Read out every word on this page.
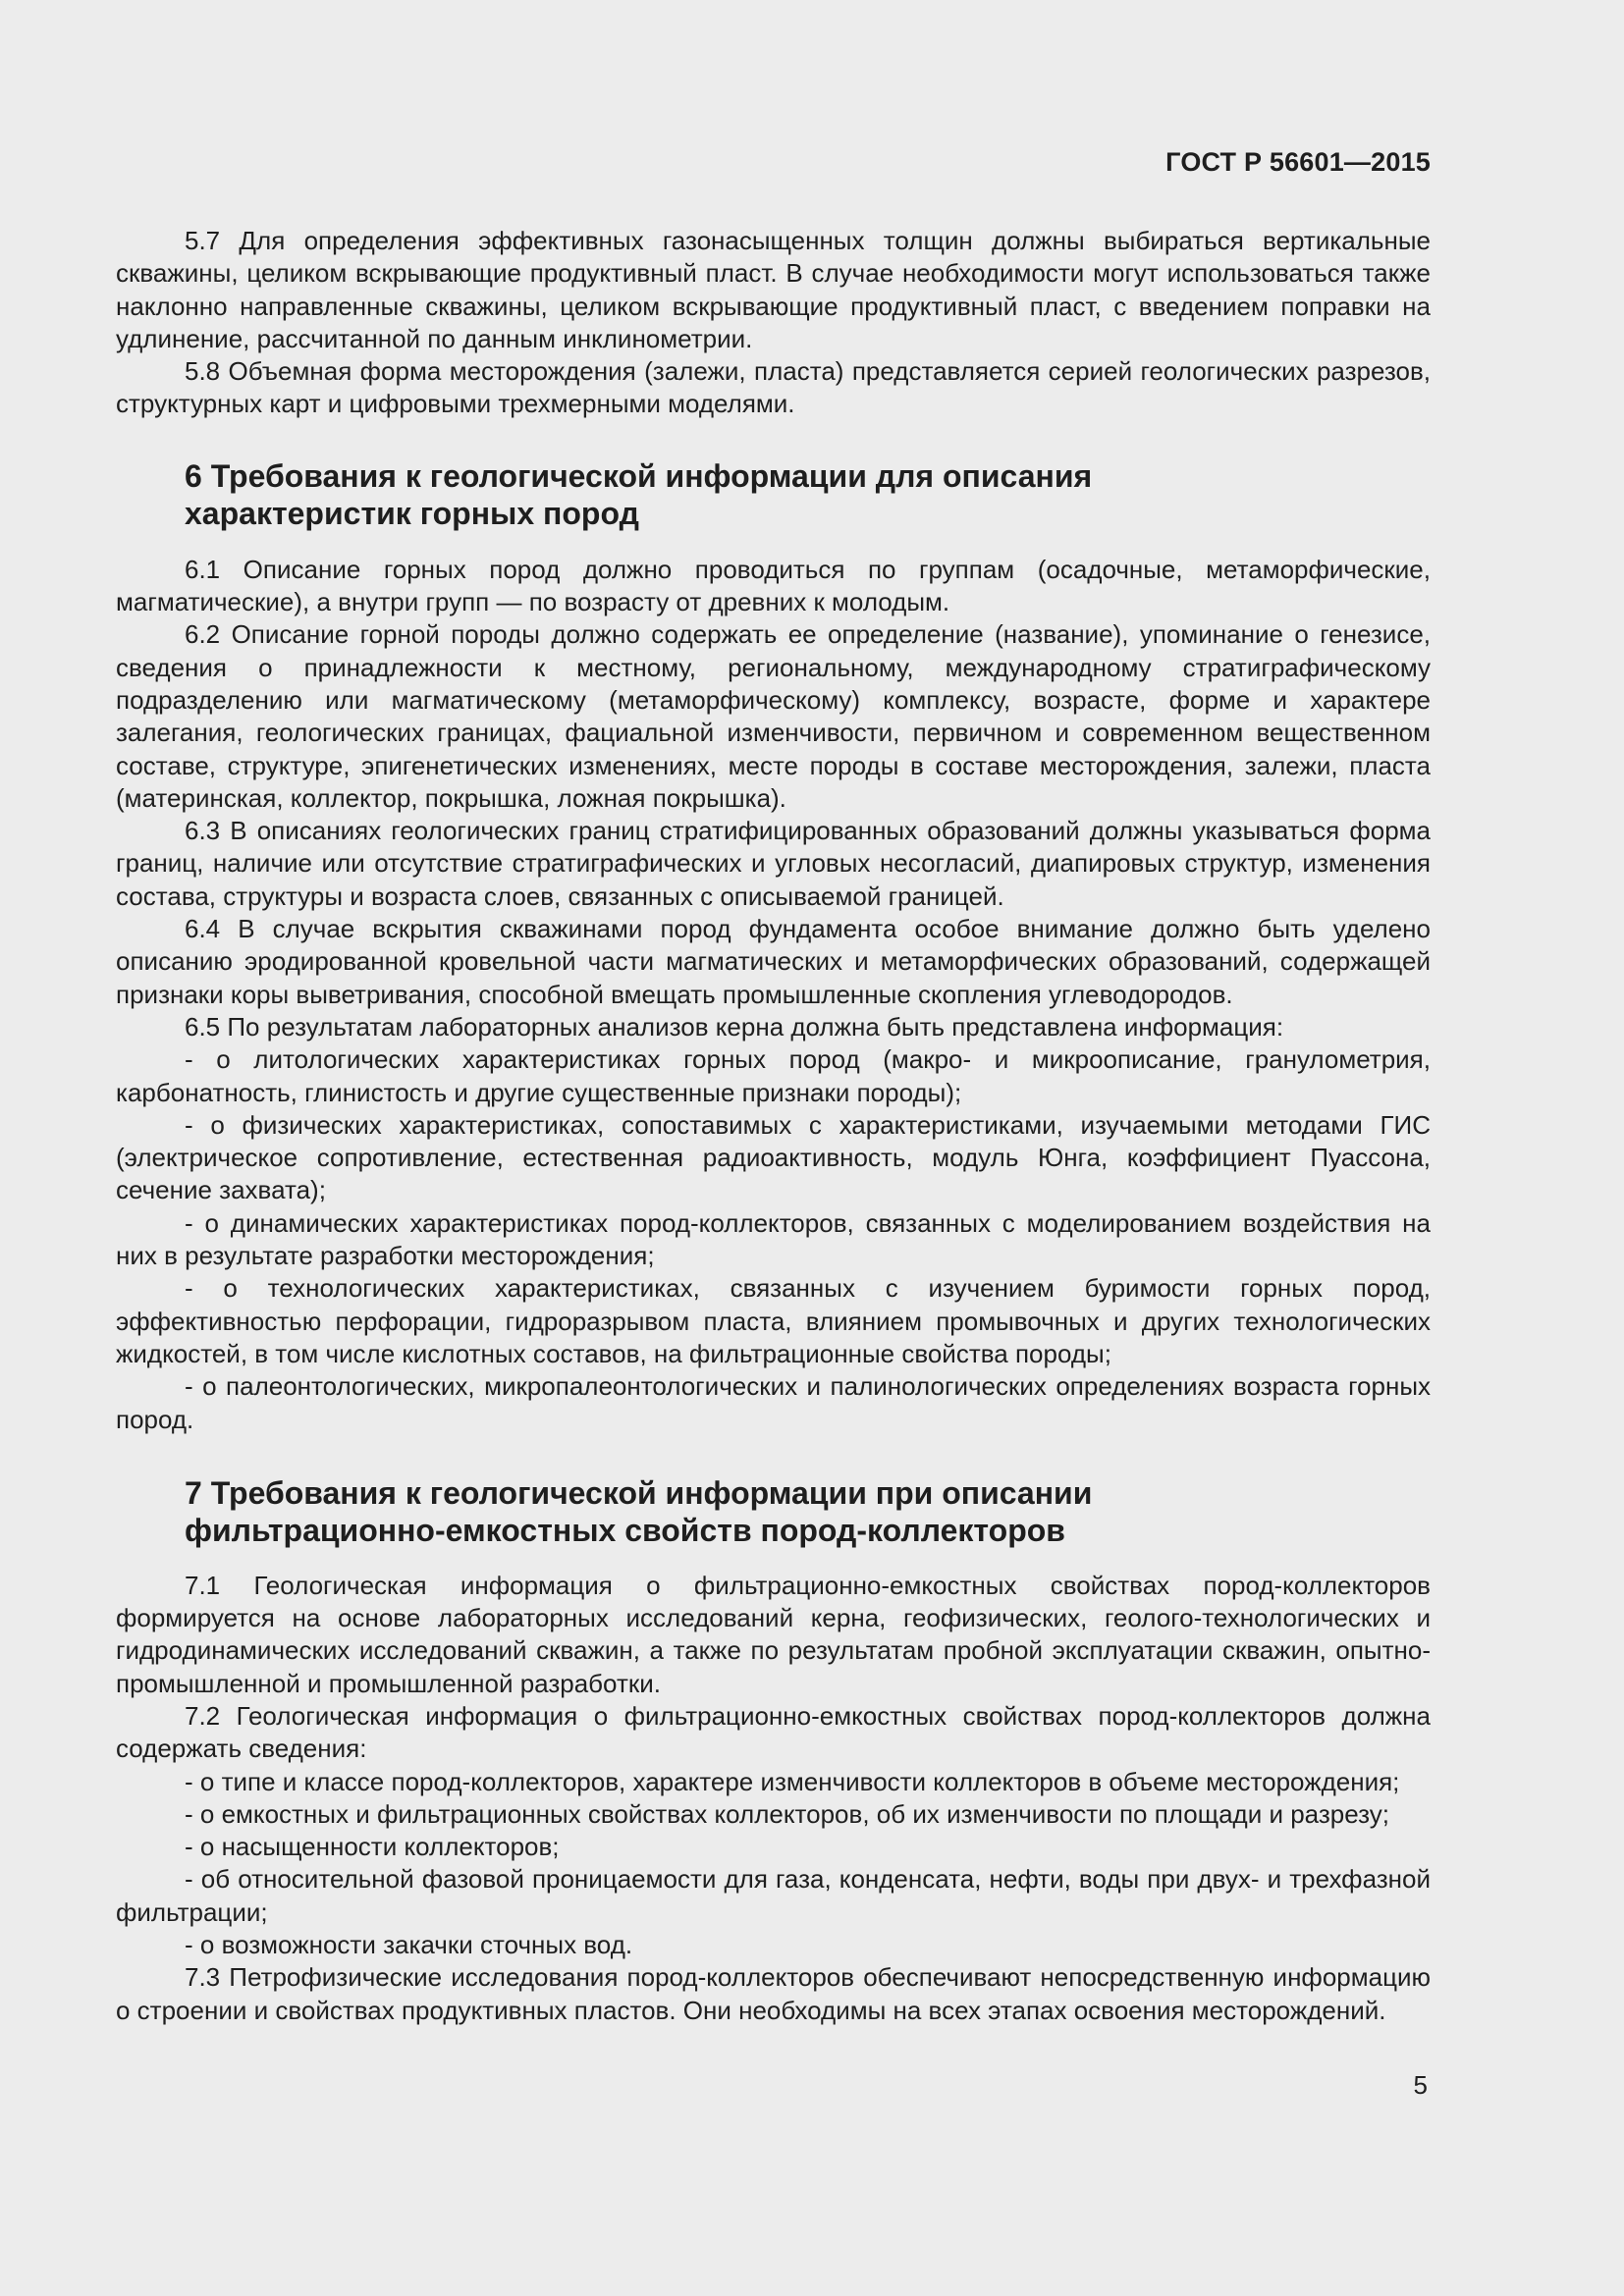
ГОСТ Р 56601—2015

5.7 Для определения эффективных газонасыщенных толщин должны выбираться вертикальные скважины, целиком вскрывающие продуктивный пласт. В случае необходимости могут использоваться также наклонно направленные скважины, целиком вскрывающие продуктивный пласт, с введением поправки на удлинение, рассчитанной по данным инклинометрии.

5.8 Объемная форма месторождения (залежи, пласта) представляется серией геологических разрезов, структурных карт и цифровыми трехмерными моделями.

6 Требования к геологической информации для описания
характеристик горных пород

6.1 Описание горных пород должно проводиться по группам (осадочные, метаморфические, магматические), а внутри групп — по возрасту от древних к молодым.

6.2 Описание горной породы должно содержать ее определение (название), упоминание о генезисе, сведения о принадлежности к местному, региональному, международному стратиграфическому подразделению или магматическому (метаморфическому) комплексу, возрасте, форме и характере залегания, геологических границах, фациальной изменчивости, первичном и современном вещественном составе, структуре, эпигенетических изменениях, месте породы в составе месторождения, залежи, пласта (материнская, коллектор, покрышка, ложная покрышка).

6.3 В описаниях геологических границ стратифицированных образований должны указываться форма границ, наличие или отсутствие стратиграфических и угловых несогласий, диапировых структур, изменения состава, структуры и возраста слоев, связанных с описываемой границей.

6.4 В случае вскрытия скважинами пород фундамента особое внимание должно быть уделено описанию эродированной кровельной части магматических и метаморфических образований, содержащей признаки коры выветривания, способной вмещать промышленные скопления углеводородов.

6.5 По результатам лабораторных анализов керна должна быть представлена информация:

- о литологических характеристиках горных пород (макро- и микроописание, гранулометрия, карбонатность, глинистость и другие существенные признаки породы);

- о физических характеристиках, сопоставимых с характеристиками, изучаемыми методами ГИС (электрическое сопротивление, естественная радиоактивность, модуль Юнга, коэффициент Пуассона, сечение захвата);

- о динамических характеристиках пород-коллекторов, связанных с моделированием воздействия на них в результате разработки месторождения;

- о технологических характеристиках, связанных с изучением буримости горных пород, эффективностью перфорации, гидроразрывом пласта, влиянием промывочных и других технологических жидкостей, в том числе кислотных составов, на фильтрационные свойства породы;

- о палеонтологических, микропалеонтологических и палинологических определениях возраста горных пород.

7 Требования к геологической информации при описании
фильтрационно-емкостных свойств пород-коллекторов

7.1 Геологическая информация о фильтрационно-емкостных свойствах пород-коллекторов формируется на основе лабораторных исследований керна, геофизических, геолого-технологических и гидродинамических исследований скважин, а также по результатам пробной эксплуатации скважин, опытно-промышленной и промышленной разработки.

7.2 Геологическая информация о фильтрационно-емкостных свойствах пород-коллекторов должна содержать сведения:

- о типе и классе пород-коллекторов, характере изменчивости коллекторов в объеме месторождения;

- о емкостных и фильтрационных свойствах коллекторов, об их изменчивости по площади и разрезу;

- о насыщенности коллекторов;

- об относительной фазовой проницаемости для газа, конденсата, нефти, воды при двух- и трехфазной фильтрации;

- о возможности закачки сточных вод.

7.3 Петрофизические исследования пород-коллекторов обеспечивают непосредственную информацию о строении и свойствах продуктивных пластов. Они необходимы на всех этапах освоения месторождений.

5
